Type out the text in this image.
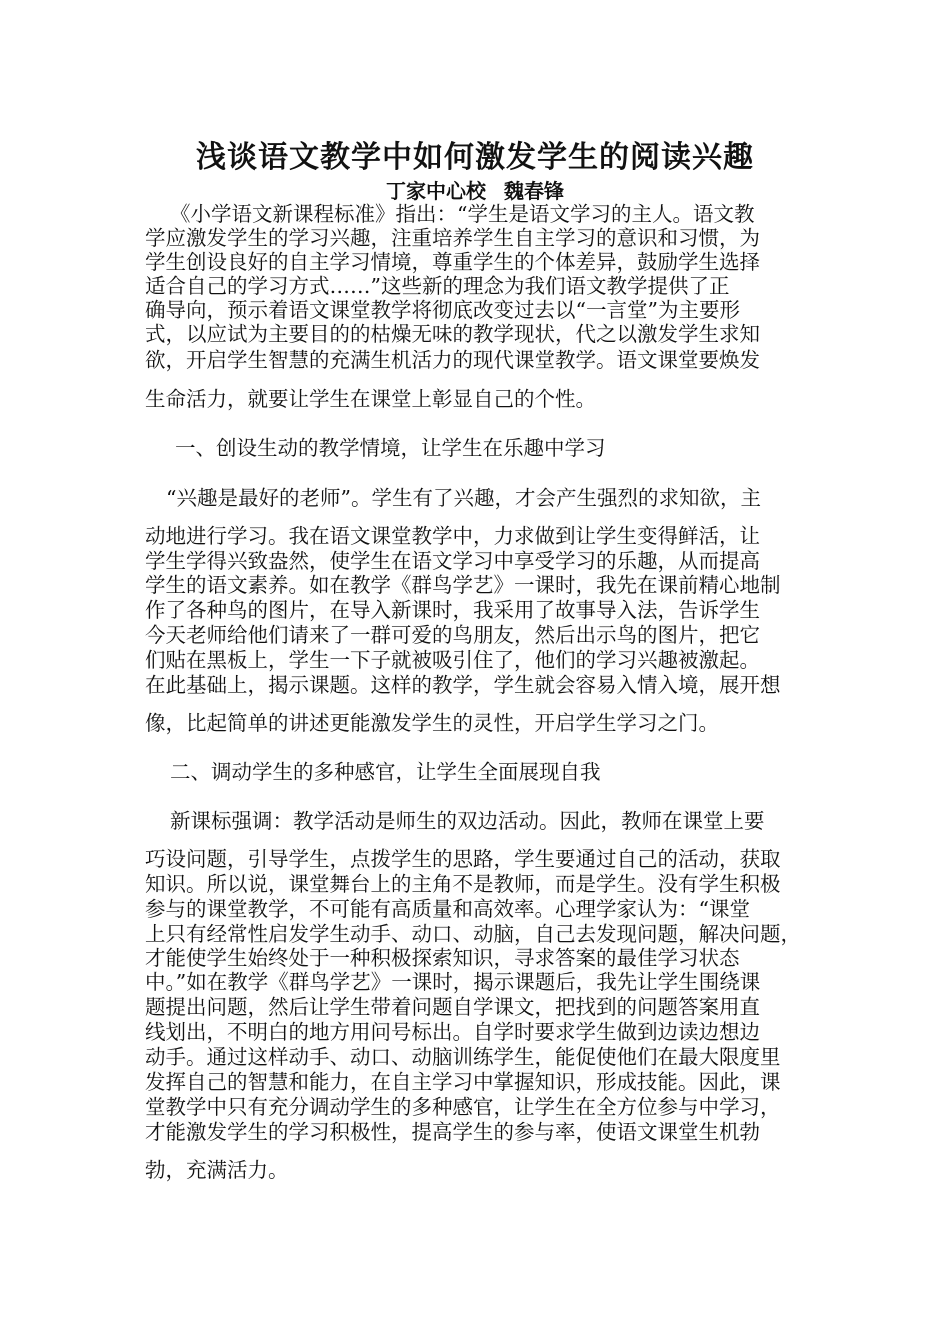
浅谈语文教学中如何激发学生的阅读兴趣
丁家中心校 魏春锋
《小学语文新课程标准》指出：“学生是语文学习的主人。语文教
学应激发学生的学习兴趣，注重培养学生自主学习的意识和习惯，为
学生创设良好的自主学习情境，尊重学生的个体差异，鼓励学生选择
适合自己的学习方式……”这些新的理念为我们语文教学提供了正
确导向，预示着语文课堂教学将彻底改变过去以“一言堂”为主要形
式，以应试为主要目的的枯燥无味的教学现状，代之以激发学生求知
欲，开启学生智慧的充满生机活力的现代课堂教学。语文课堂要焕发
生命活力，就要让学生在课堂上彰显自己的个性。
一、创设生动的教学情境，让学生在乐趣中学习
“兴趣是最好的老师”。学生有了兴趣，才会产生强烈的求知欲，主
动地进行学习。我在语文课堂教学中，力求做到让学生变得鲜活，让
学生学得兴致盎然，使学生在语文学习中享受学习的乐趣，从而提高
学生的语文素养。如在教学《群鸟学艺》一课时，我先在课前精心地制
作了各种鸟的图片，在导入新课时，我采用了故事导入法，告诉学生
今天老师给他们请来了一群可爱的鸟朋友，然后出示鸟的图片，把它
们贴在黑板上，学生一下子就被吸引住了，他们的学习兴趣被激起。
在此基础上，揭示课题。这样的教学，学生就会容易入情入境，展开想
像，比起简单的讲述更能激发学生的灵性，开启学生学习之门。
二、调动学生的多种感官，让学生全面展现自我
新课标强调：教学活动是师生的双边活动。因此，教师在课堂上要
巧设问题，引导学生，点拨学生的思路，学生要通过自己的活动，获取
知识。所以说，课堂舞台上的主角不是教师，而是学生。没有学生积极
参与的课堂教学，不可能有高质量和高效率。心理学家认为：“课堂
上只有经常性启发学生动手、动口、动脑，自己去发现问题，解决问题，
才能使学生始终处于一种积极探索知识，寻求答案的最佳学习状态
中。”如在教学《群鸟学艺》一课时，揭示课题后，我先让学生围绕课
题提出问题，然后让学生带着问题自学课文，把找到的问题答案用直
线划出，不明白的地方用问号标出。自学时要求学生做到边读边想边
动手。通过这样动手、动口、动脑训练学生，能促使他们在最大限度里
发挥自己的智慧和能力，在自主学习中掌握知识，形成技能。因此，课
堂教学中只有充分调动学生的多种感官，让学生在全方位参与中学习，
才能激发学生的学习积极性，提高学生的参与率，使语文课堂生机勃
勃，充满活力。
